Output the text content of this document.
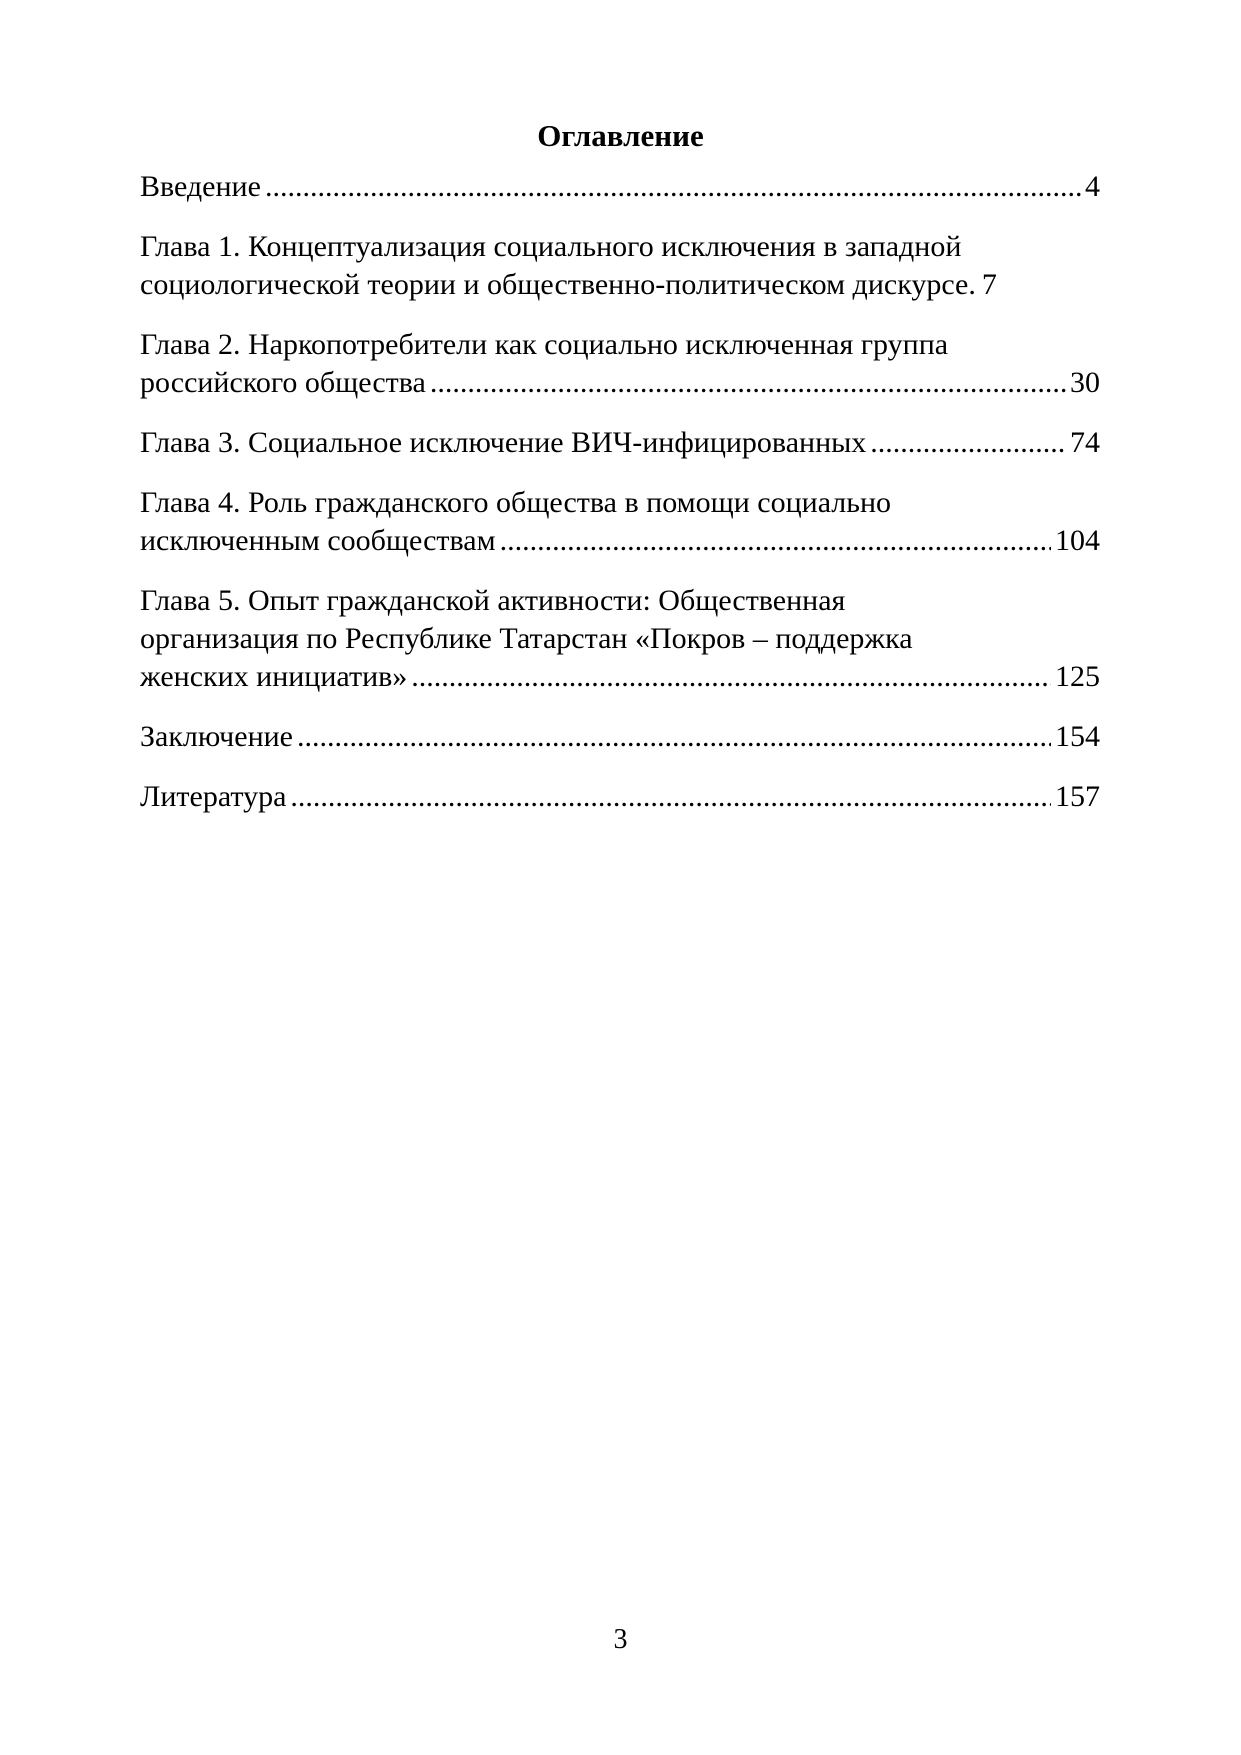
Оглавление
Введение .....	4
Глава 1. Концептуализация социального исключения в западной
социологической теории и общественно-политическом дискурсе. 7
Глава 2. Наркопотребители как социально исключенная группа
российского общества .....	30
Глава 3. Социальное исключение ВИЧ-инфицированных .....	74
Глава 4. Роль гражданского общества в помощи социально
исключенным сообществам .....	104
Глава 5. Опыт гражданской активности: Общественная
организация по Республике Татарстан «Покров – поддержка
женских инициатив» .....	125
Заключение .....	154
Литература .....	157
3
